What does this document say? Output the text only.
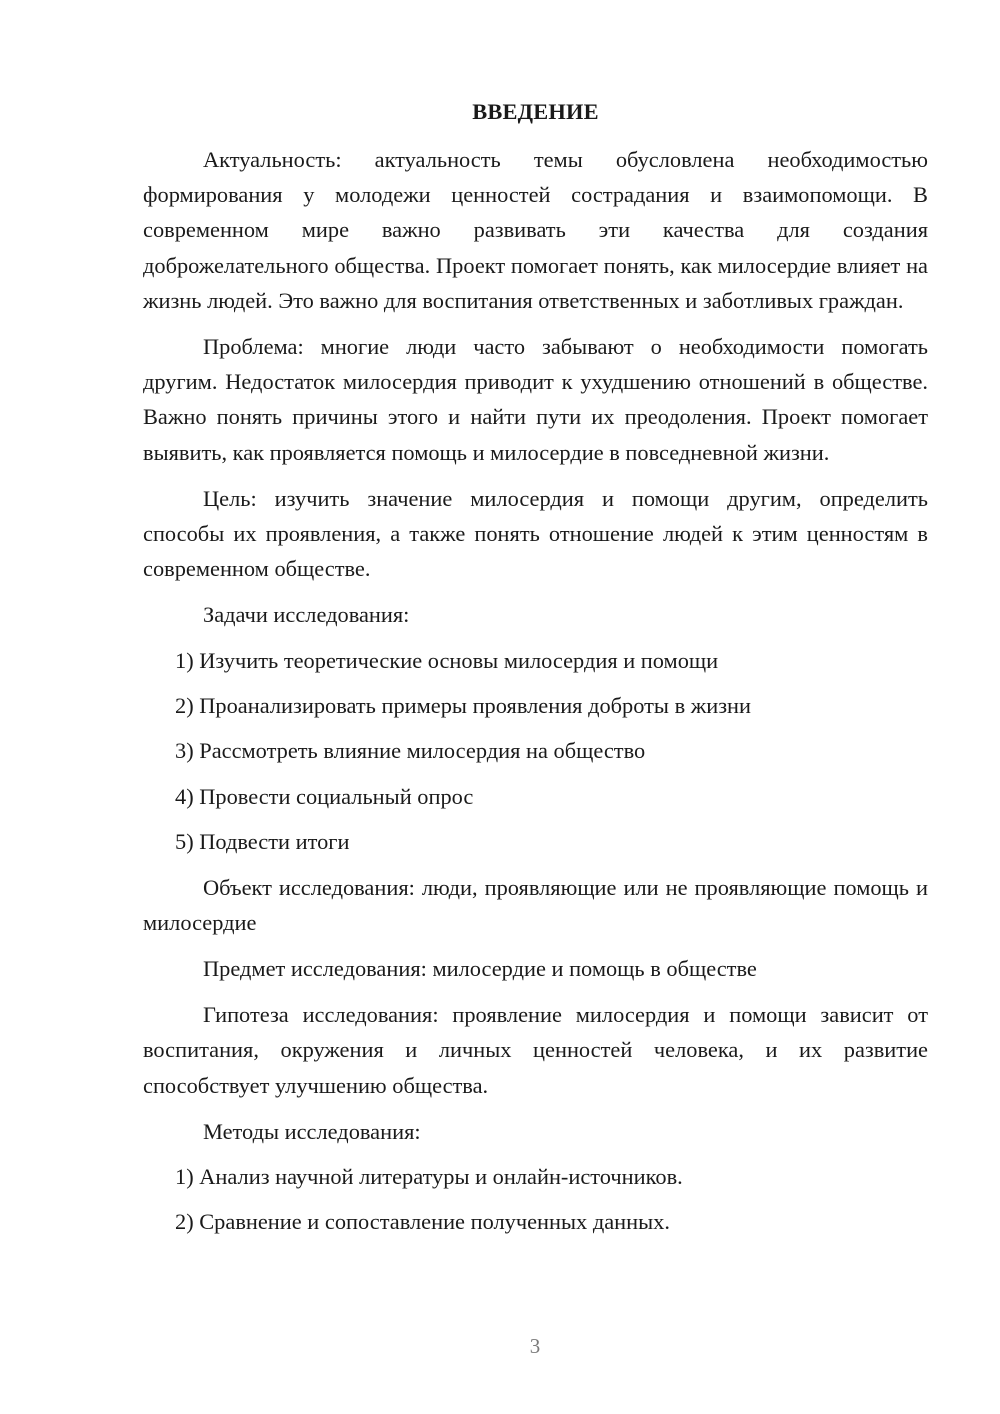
ВВЕДЕНИЕ

Актуальность: актуальность темы обусловлена необходимостью формирования у молодежи ценностей сострадания и взаимопомощи. В современном мире важно развивать эти качества для создания доброжелательного общества. Проект помогает понять, как милосердие влияет на жизнь людей. Это важно для воспитания ответственных и заботливых граждан.

Проблема: многие люди часто забывают о необходимости помогать другим. Недостаток милосердия приводит к ухудшению отношений в обществе. Важно понять причины этого и найти пути их преодоления. Проект помогает выявить, как проявляется помощь и милосердие в повседневной жизни.

Цель: изучить значение милосердия и помощи другим, определить способы их проявления, а также понять отношение людей к этим ценностям в современном обществе.

Задачи исследования:

1) Изучить теоретические основы милосердия и помощи
2) Проанализировать примеры проявления доброты в жизни
3) Рассмотреть влияние милосердия на общество
4) Провести социальный опрос
5) Подвести итоги

Объект исследования: люди, проявляющие или не проявляющие помощь и милосердие

Предмет исследования: милосердие и помощь в обществе

Гипотеза исследования: проявление милосердия и помощи зависит от воспитания, окружения и личных ценностей человека, и их развитие способствует улучшению общества.

Методы исследования:

1) Анализ научной литературы и онлайн-источников.
2) Сравнение и сопоставление полученных данных.
3
